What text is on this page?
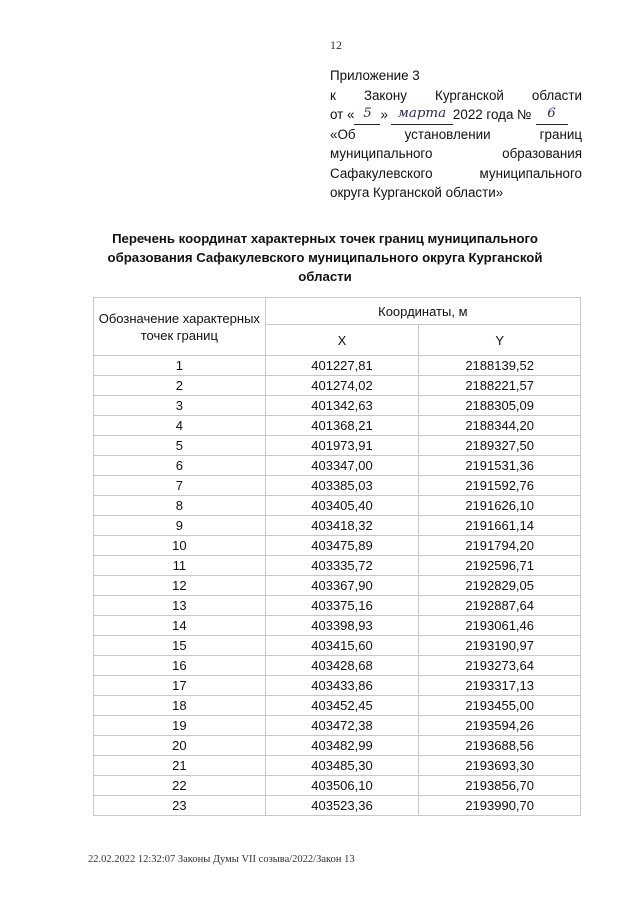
12
Приложение 3
к Закону Курганской области
от « 5 » марта 2022 года №	6
«Об	установлении	границ
муниципального	образования
Сафакулевского	муниципального
округа Курганской области»
Перечень координат характерных точек границ муниципального образования Сафакулевского муниципального округа Курганской области
Обозначение характерных точек границ	Координаты, м	
	X	Y
1	401227,81	2188139,52
2	401274,02	2188221,57
3	401342,63	2188305,09
4	401368,21	2188344,20
5	401973,91	2189327,50
6	403347,00	2191531,36
7	403385,03	2191592,76
8	403405,40	2191626,10
9	403418,32	2191661,14
10	403475,89	2191794,20
11	403335,72	2192596,71
12	403367,90	2192829,05
13	403375,16	2192887,64
14	403398,93	2193061,46
15	403415,60	2193190,97
16	403428,68	2193273,64
17	403433,86	2193317,13
18	403452,45	2193455,00
19	403472,38	2193594,26
20	403482,99	2193688,56
21	403485,30	2193693,30
22	403506,10	2193856,70
23	403523,36	2193990,70
22.02.2022 12:32:07 Законы Думы VII созыва/2022/Закон 13
